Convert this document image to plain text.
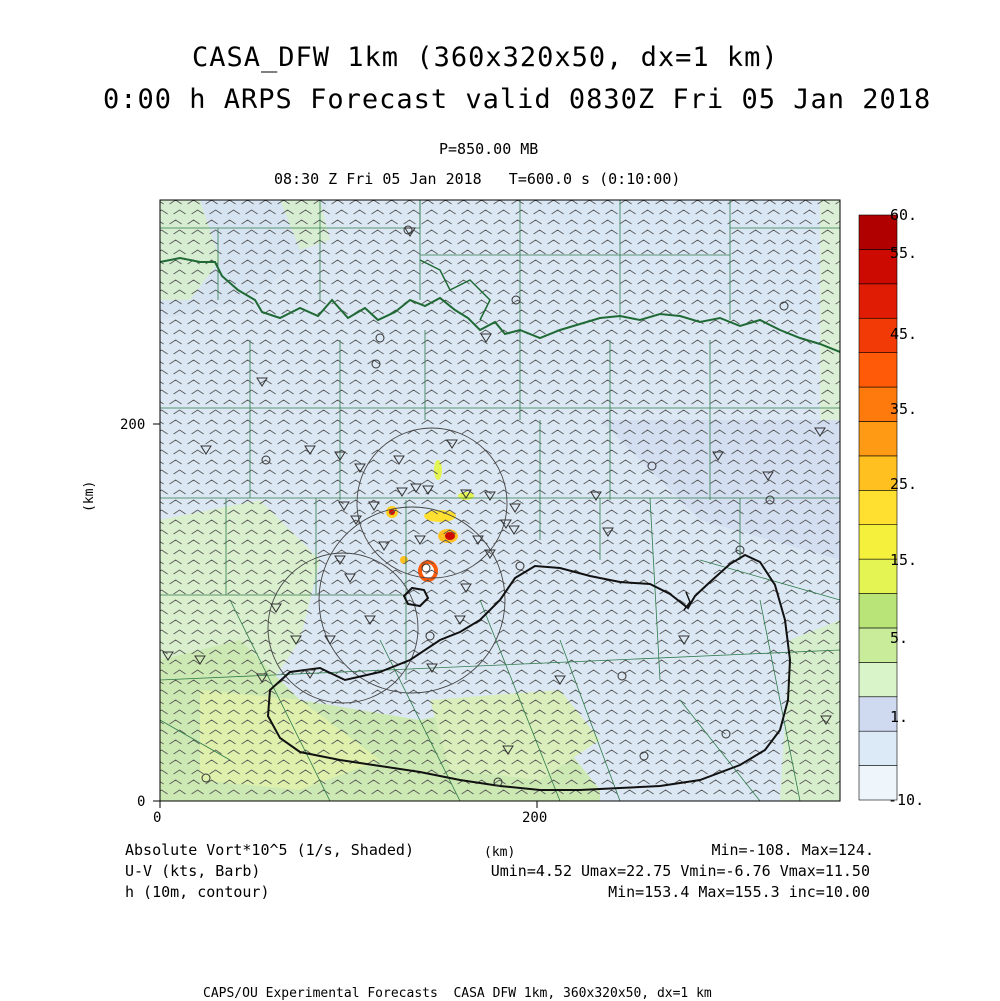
CASA_DFW 1km (360x320x50, dx=1 km)
0:00 h ARPS Forecast valid 0830Z Fri 05 Jan 2018
P=850.00 MB
08:30 Z Fri 05 Jan 2018   T=600.0 s (0:10:00)
0	200
0
200
(km)
(km)
-10.
1.
5.
15.
25.
35.
45.
55.
60.
Absolute Vort*10^5 (1/s, Shaded)
U-V (kts, Barb)
h (10m, contour)
Min=-108. Max=124.
Umin=4.52 Umax=22.75 Vmin=-6.76 Vmax=11.50
Min=153.4 Max=155.3 inc=10.00
CAPS/OU Experimental Forecasts  CASA DFW 1km, 360x320x50, dx=1 km
